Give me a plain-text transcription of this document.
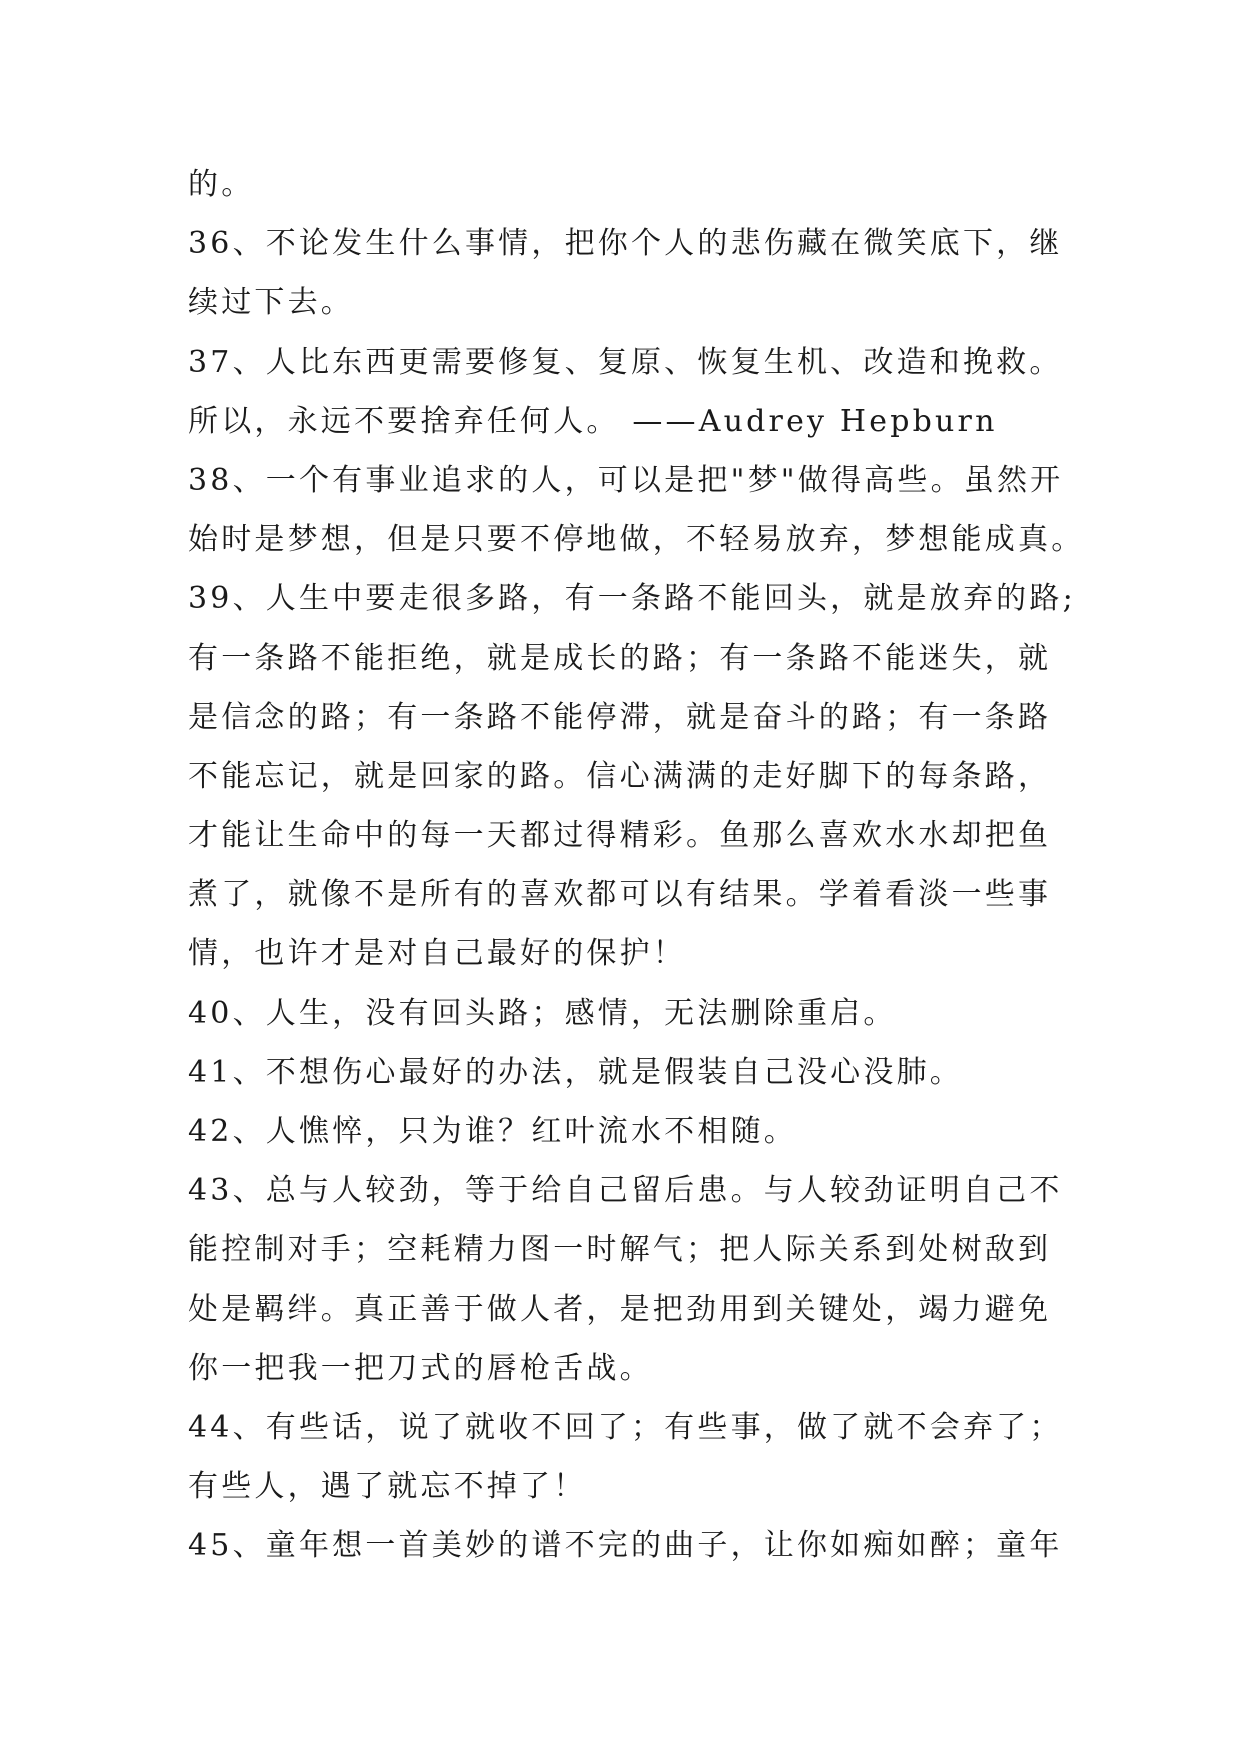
的。
36、不论发生什么事情，把你个人的悲伤藏在微笑底下，继
续过下去。
37、人比东西更需要修复、复原、恢复生机、改造和挽救。
所以，永远不要捨弃任何人。 ——Audrey Hepburn
38、一个有事业追求的人，可以是把"梦"做得高些。虽然开
始时是梦想，但是只要不停地做，不轻易放弃，梦想能成真。
39、人生中要走很多路，有一条路不能回头，就是放弃的路;
有一条路不能拒绝，就是成长的路；有一条路不能迷失，就
是信念的路；有一条路不能停滞，就是奋斗的路；有一条路
不能忘记，就是回家的路。信心满满的走好脚下的每条路，
才能让生命中的每一天都过得精彩。鱼那么喜欢水水却把鱼
煮了，就像不是所有的喜欢都可以有结果。学着看淡一些事
情，也许才是对自己最好的保护！
40、人生，没有回头路；感情，无法删除重启。
41、不想伤心最好的办法，就是假装自己没心没肺。
42、人憔悴，只为谁？红叶流水不相随。
43、总与人较劲，等于给自己留后患。与人较劲证明自己不
能控制对手；空耗精力图一时解气；把人际关系到处树敌到
处是羁绊。真正善于做人者，是把劲用到关键处，竭力避免
你一把我一把刀式的唇枪舌战。
44、有些话，说了就收不回了；有些事，做了就不会弃了；
有些人，遇了就忘不掉了！
45、童年想一首美妙的谱不完的曲子，让你如痴如醉；童年
